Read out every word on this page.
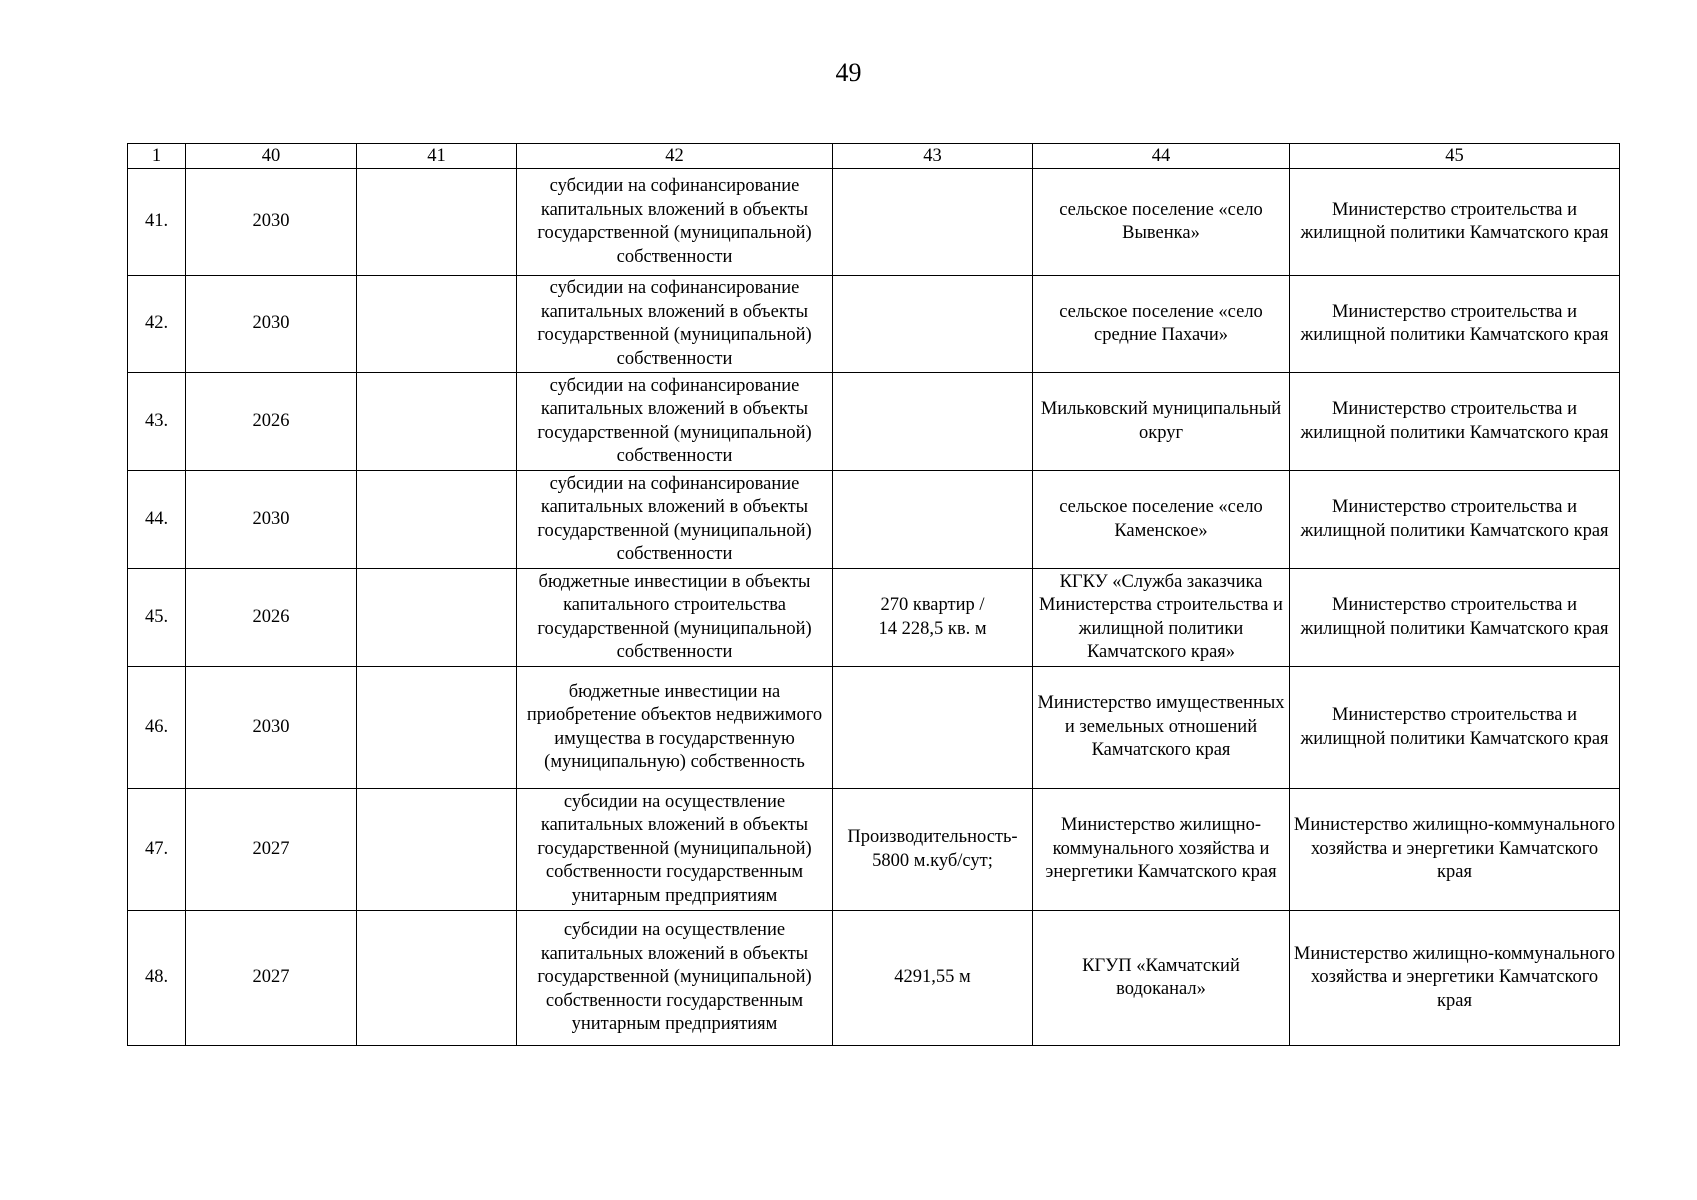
49
1	40	41	42	43	44	45
41.	2030		субсидии на софинансирование капитальных вложений в объекты государственной (муниципальной) собственности		сельское поселение «село Вывенка»	Министерство строительства и жилищной политики Камчатского края
42.	2030		субсидии на софинансирование капитальных вложений в объекты государственной (муниципальной) собственности		сельское поселение «село средние Пахачи»	Министерство строительства и жилищной политики Камчатского края
43.	2026		субсидии на софинансирование капитальных вложений в объекты государственной (муниципальной) собственности		Мильковский муниципальный округ	Министерство строительства и жилищной политики Камчатского края
44.	2030		субсидии на софинансирование капитальных вложений в объекты государственной (муниципальной) собственности		сельское поселение «село Каменское»	Министерство строительства и жилищной политики Камчатского края
45.	2026		бюджетные инвестиции в объекты капитального строительства государственной (муниципальной) собственности	270 квартир / 14 228,5 кв. м	КГКУ «Служба заказчика Министерства строительства и жилищной политики Камчатского края»	Министерство строительства и жилищной политики Камчатского края
46.	2030		бюджетные инвестиции на приобретение объектов недвижимого имущества в государственную (муниципальную) собственность		Министерство имущественных и земельных отношений Камчатского края	Министерство строительства и жилищной политики Камчатского края
47.	2027		субсидии на осуществление капитальных вложений в объекты государственной (муниципальной) собственности государственным унитарным предприятиям	Производительность- 5800 м.куб/сут;	Министерство жилищно-коммунального хозяйства и энергетики Камчатского края	Министерство жилищно-коммунального хозяйства и энергетики Камчатского края
48.	2027		субсидии на осуществление капитальных вложений в объекты государственной (муниципальной) собственности государственным унитарным предприятиям	4291,55 м	КГУП «Камчатский водоканал»	Министерство жилищно-коммунального хозяйства и энергетики Камчатского края
